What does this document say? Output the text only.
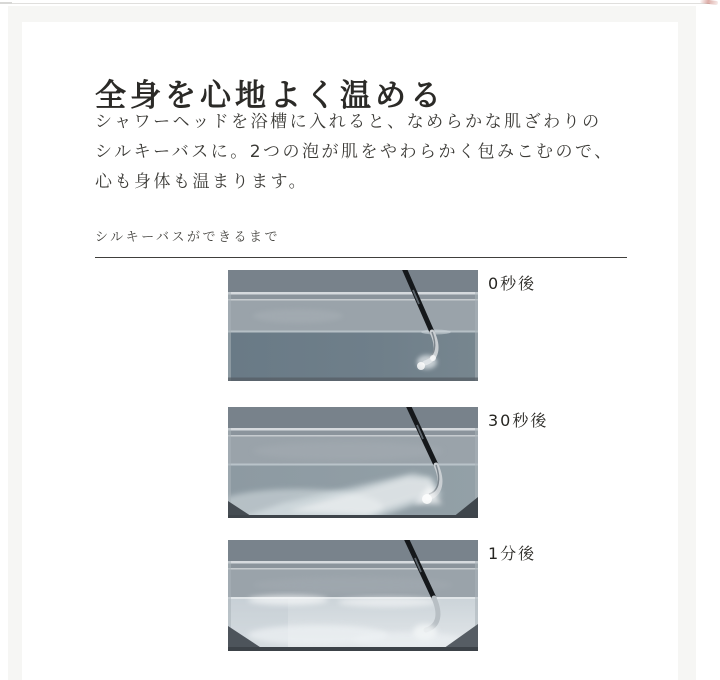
全身を心地よく温める
シャワーヘッドを浴槽に入れると、なめらかな肌ざわりの
シルキーバスに。2つの泡が肌をやわらかく包みこむので、
心も身体も温まります。
シルキーバスができるまで
0秒後
30秒後
1分後
